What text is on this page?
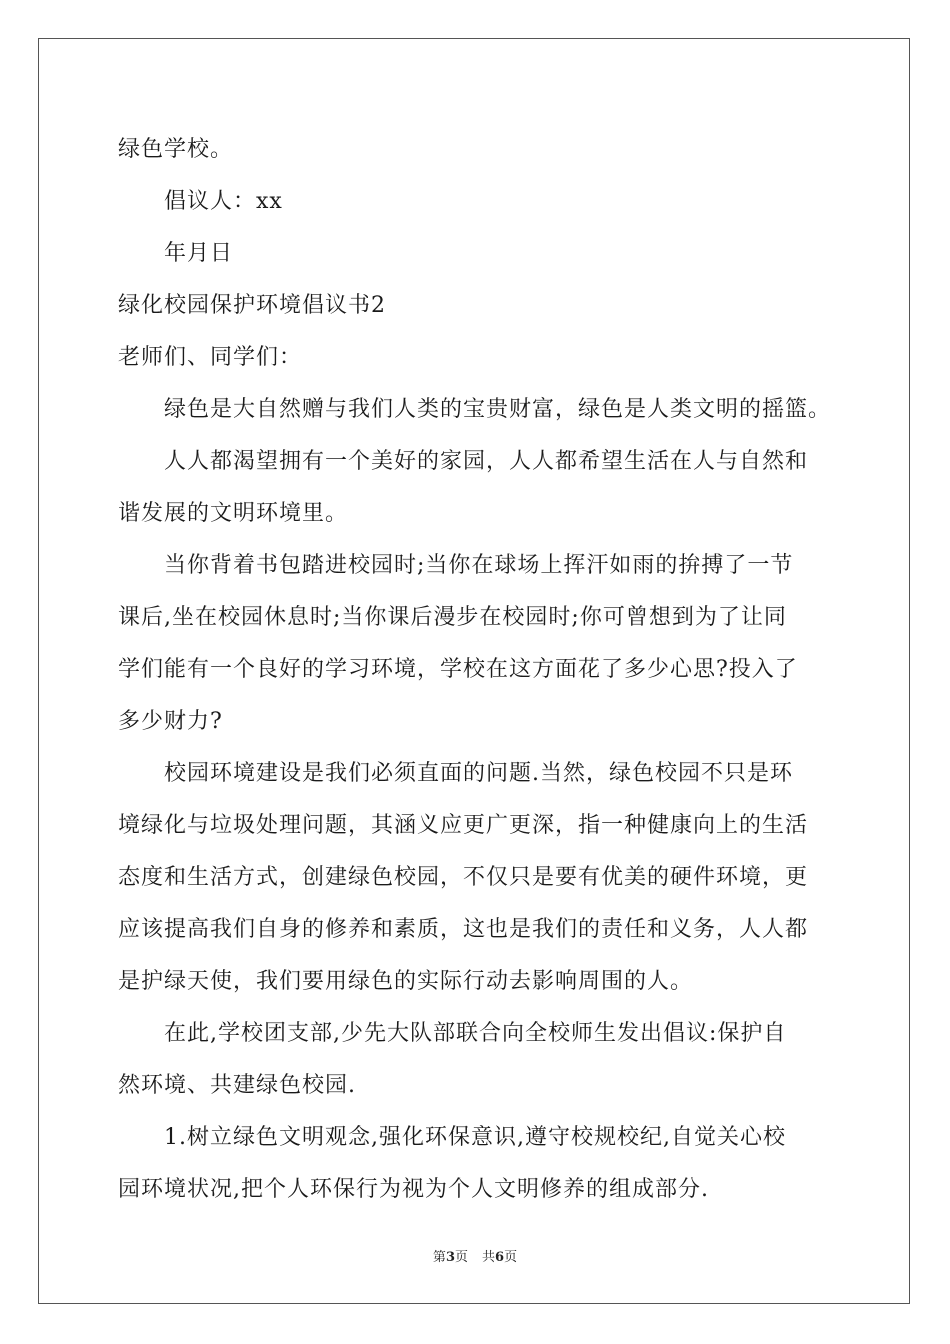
绿色学校。
倡议人：xx
年月日
绿化校园保护环境倡议书2
老师们、同学们：
绿色是大自然赠与我们人类的宝贵财富，绿色是人类文明的摇篮。
人人都渴望拥有一个美好的家园，人人都希望生活在人与自然和
谐发展的文明环境里。
当你背着书包踏进校园时;当你在球场上挥汗如雨的拚搏了一节
课后,坐在校园休息时;当你课后漫步在校园时;你可曾想到为了让同
学们能有一个良好的学习环境，学校在这方面花了多少心思?投入了
多少财力?
校园环境建设是我们必须直面的问题.当然，绿色校园不只是环
境绿化与垃圾处理问题，其涵义应更广更深，指一种健康向上的生活
态度和生活方式，创建绿色校园，不仅只是要有优美的硬件环境，更
应该提高我们自身的修养和素质，这也是我们的责任和义务，人人都
是护绿天使，我们要用绿色的实际行动去影响周围的人。
在此,学校团支部,少先大队部联合向全校师生发出倡议:保护自
然环境、共建绿色校园.
1.树立绿色文明观念,强化环保意识,遵守校规校纪,自觉关心校
园环境状况,把个人环保行为视为个人文明修养的组成部分.
第3页 共6页
